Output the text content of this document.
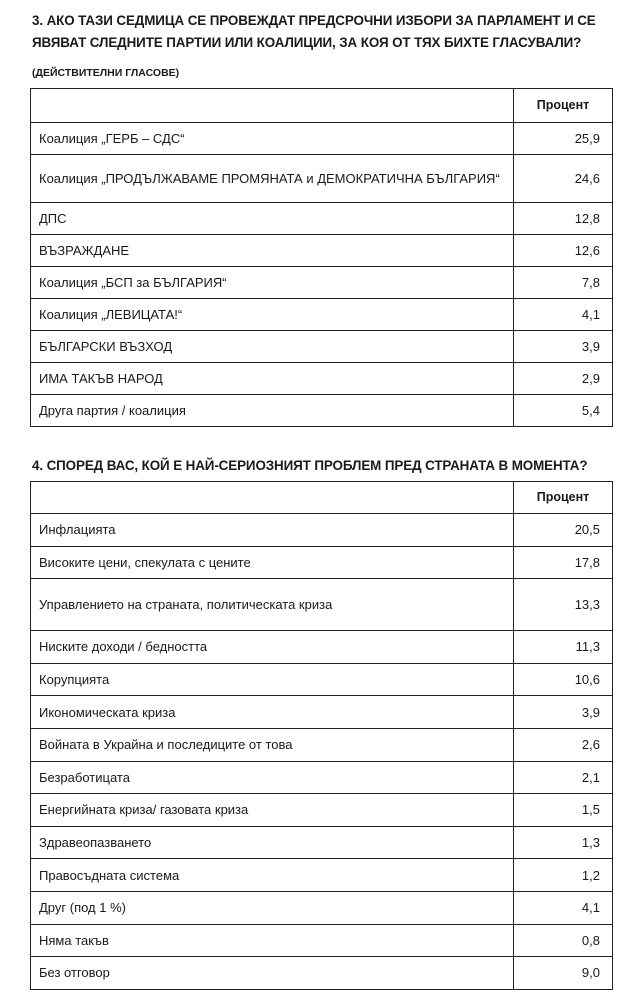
3. АКО ТАЗИ СЕДМИЦА СЕ ПРОВЕЖДАТ ПРЕДСРОЧНИ ИЗБОРИ ЗА ПАРЛАМЕНТ И СЕ ЯВЯВАТ СЛЕДНИТЕ ПАРТИИ ИЛИ КОАЛИЦИИ, ЗА КОЯ ОТ ТЯХ БИХТЕ ГЛАСУВАЛИ?
(ДЕЙСТВИТЕЛНИ ГЛАСОВЕ)
	Процент
Коалиция „ГЕРБ – СДС“	25,9
Коалиция „ПРОДЪЛЖАВАМЕ ПРОМЯНАТА и ДЕМОКРАТИЧНА БЪЛГАРИЯ“	24,6
ДПС	12,8
ВЪЗРАЖДАНЕ	12,6
Коалиция „БСП за БЪЛГАРИЯ“	7,8
Коалиция „ЛЕВИЦАТА!“	4,1
БЪЛГАРСКИ ВЪЗХОД	3,9
ИМА ТАКЪВ НАРОД	2,9
Друга партия / коалиция	5,4
4. СПОРЕД ВАС, КОЙ Е НАЙ-СЕРИОЗНИЯТ ПРОБЛЕМ ПРЕД СТРАНАТА В МОМЕНТА?
	Процент
Инфлацията	20,5
Високите цени, спекулата с цените	17,8
Управлението на страната, политическата криза	13,3
Ниските доходи / бедността	11,3
Корупцията	10,6
Икономическата криза	3,9
Войната в Украйна и последиците от това	2,6
Безработицата	2,1
Енергийната криза/ газовата криза	1,5
Здравеопазването	1,3
Правосъдната система	1,2
Друг (под 1 %)	4,1
Няма такъв	0,8
Без отговор	9,0
